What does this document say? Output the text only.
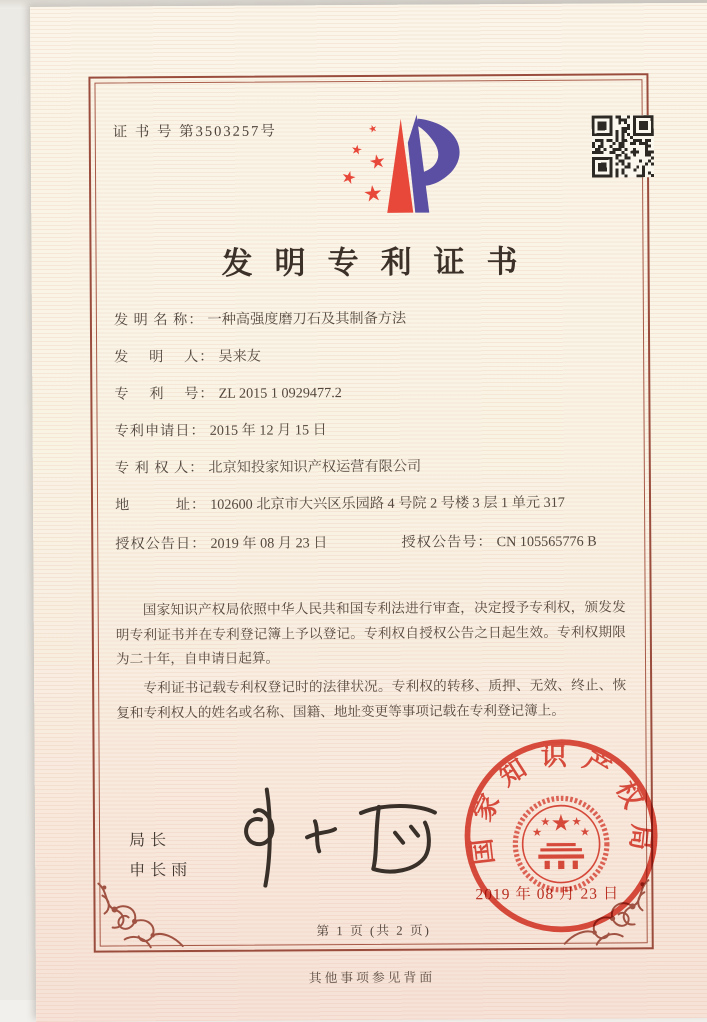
证 书 号 第3503257号	★
★
★
★
★
发明专利证书
发 明 名 称： 一种高强度磨刀石及其制备方法
发　 明　 人： 吴来友
专　 利　 号： ZL 2015 1 0929477.2
专利申请日： 2015 年 12 月 15 日
专 利 权 人： 北京知投家知识产权运营有限公司
地　　　址： 102600 北京市大兴区乐园路 4 号院 2 号楼 3 层 1 单元 317
授权公告日： 2019 年 08 月 23 日	授权公告号： CN 105565776 B

国家知识产权局依照中华人民共和国专利法进行审查，决定授予专利权，颁发发明专利证书并在专利登记簿上予以登记。专利权自授权公告之日起生效。专利权期限为二十年，自申请日起算。

专利证书记载专利权登记时的法律状况。专利权的转移、质押、无效、终止、恢复和专利权人的姓名或名称、国籍、地址变更等事项记载在专利登记簿上。

局长
申长雨
国家知识产权局
★
★	★
★ ★
2019 年 08 月 23 日
第 1 页 (共 2 页)
其他事项参见背面
